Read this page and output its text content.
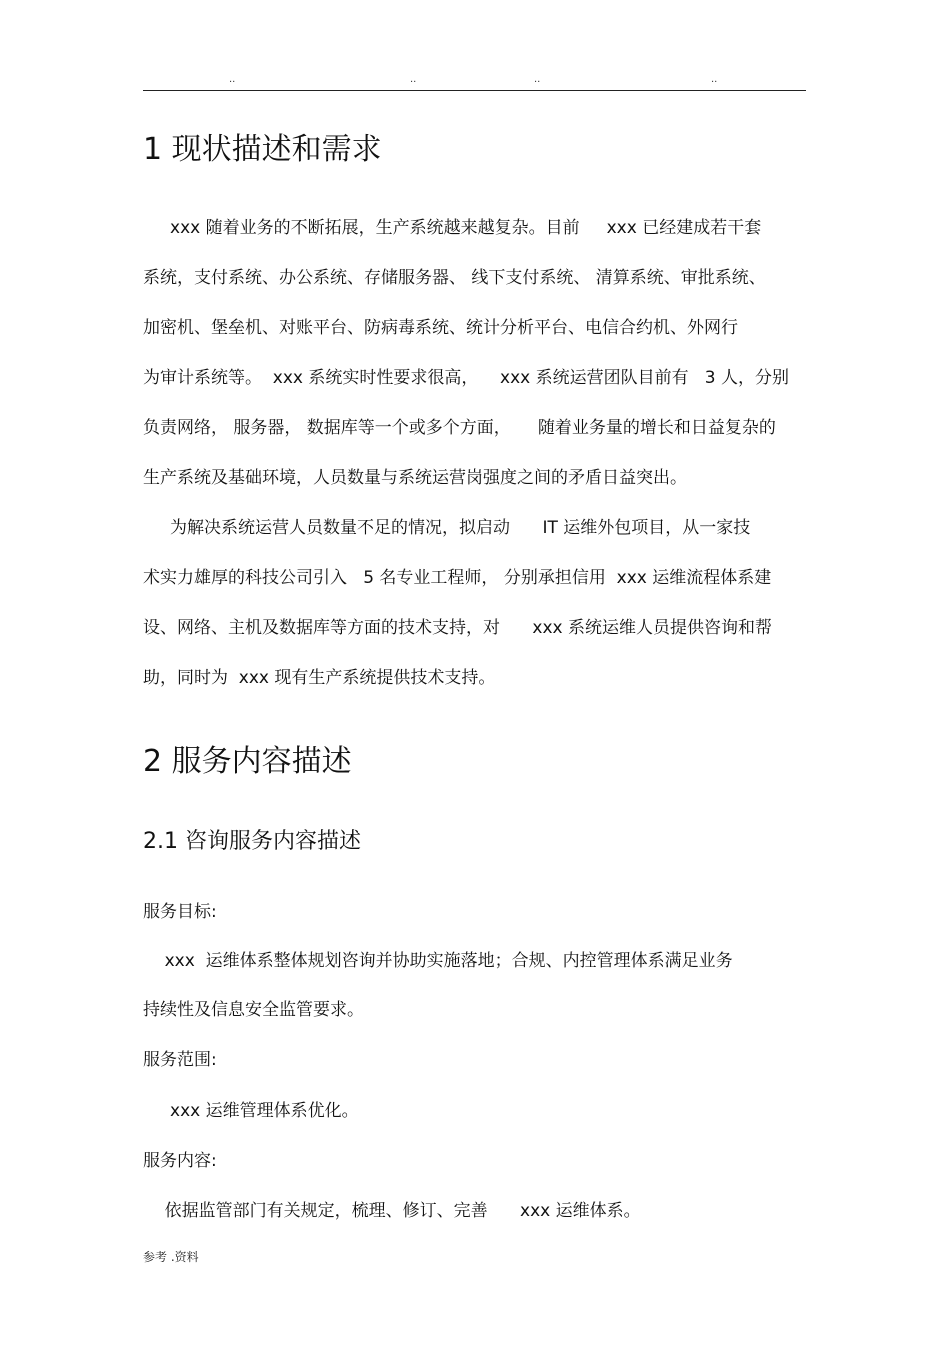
..	..	..	..
1 现状描述和需求
xxx 随着业务的不断拓展，生产系统越来越复杂。目前     xxx 已经建成若干套
系统，支付系统、办公系统、存储服务器、 线下支付系统、 清算系统、审批系统、
加密机、堡垒机、对账平台、防病毒系统、统计分析平台、电信合约机、外网行
为审计系统等。  xxx 系统实时性要求很高，    xxx 系统运营团队目前有   3 人，分别
负责网络， 服务器， 数据库等一个或多个方面，     随着业务量的增长和日益复杂的
生产系统及基础环境，人员数量与系统运营岗强度之间的矛盾日益突出。
为解决系统运营人员数量不足的情况，拟启动      IT 运维外包项目，从一家技
术实力雄厚的科技公司引入   5 名专业工程师， 分别承担信用  xxx 运维流程体系建
设、网络、主机及数据库等方面的技术支持，对      xxx 系统运维人员提供咨询和帮
助，同时为  xxx 现有生产系统提供技术支持。
2 服务内容描述
2.1 咨询服务内容描述
服务目标:
xxx  运维体系整体规划咨询并协助实施落地；合规、内控管理体系满足业务
持续性及信息安全监管要求。
服务范围:
xxx 运维管理体系优化。
服务内容:
依据监管部门有关规定，梳理、修订、完善      xxx 运维体系。
参考 .资料
